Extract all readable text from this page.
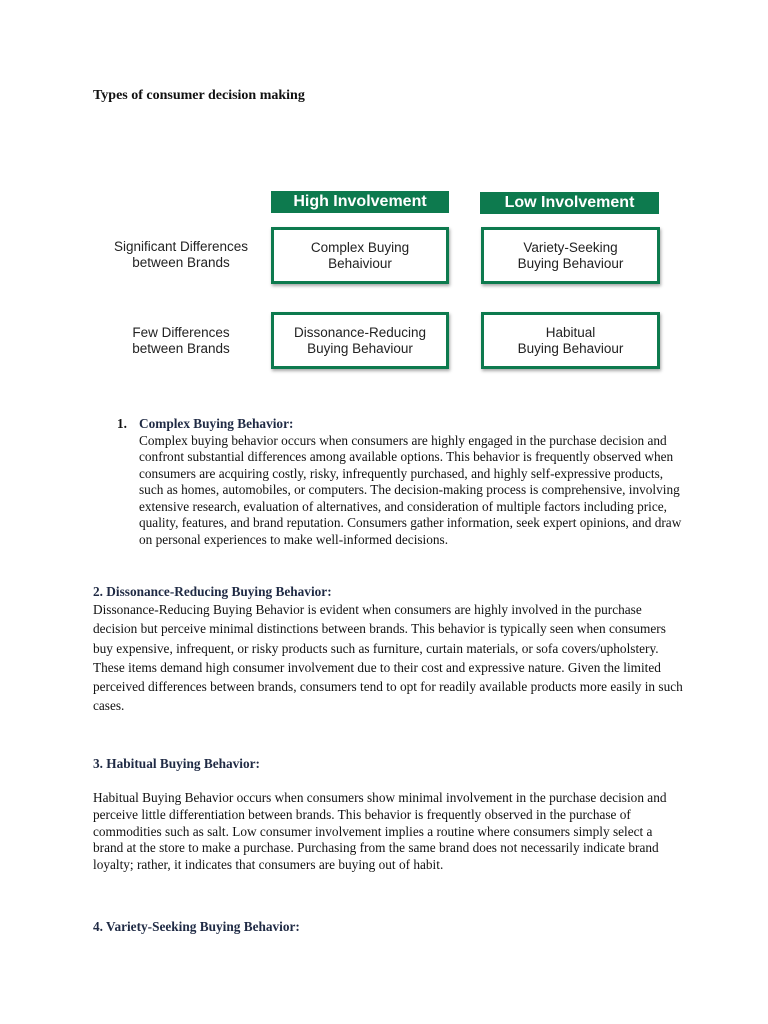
Types of consumer decision making
High Involvement	Low Involvement
Significant Differences
between Brands
Few Differences
between Brands
Complex Buying
Behaiviour
Variety-Seeking
Buying Behaviour
Dissonance-Reducing
Buying Behaviour
Habitual
Buying Behaviour
1. Complex Buying Behavior:
Complex buying behavior occurs when consumers are highly engaged in the purchase decision and confront substantial differences among available options. This behavior is frequently observed when consumers are acquiring costly, risky, infrequently purchased, and highly self-expressive products, such as homes, automobiles, or computers. The decision-making process is comprehensive, involving extensive research, evaluation of alternatives, and consideration of multiple factors including price, quality, features, and brand reputation. Consumers gather information, seek expert opinions, and draw on personal experiences to make well-informed decisions.
2. Dissonance-Reducing Buying Behavior:
Dissonance-Reducing Buying Behavior is evident when consumers are highly involved in the purchase decision but perceive minimal distinctions between brands. This behavior is typically seen when consumers buy expensive, infrequent, or risky products such as furniture, curtain materials, or sofa covers/upholstery. These items demand high consumer involvement due to their cost and expressive nature. Given the limited perceived differences between brands, consumers tend to opt for readily available products more easily in such cases.
3. Habitual Buying Behavior:
Habitual Buying Behavior occurs when consumers show minimal involvement in the purchase decision and perceive little differentiation between brands. This behavior is frequently observed in the purchase of commodities such as salt. Low consumer involvement implies a routine where consumers simply select a brand at the store to make a purchase. Purchasing from the same brand does not necessarily indicate brand loyalty; rather, it indicates that consumers are buying out of habit.
4. Variety-Seeking Buying Behavior:
